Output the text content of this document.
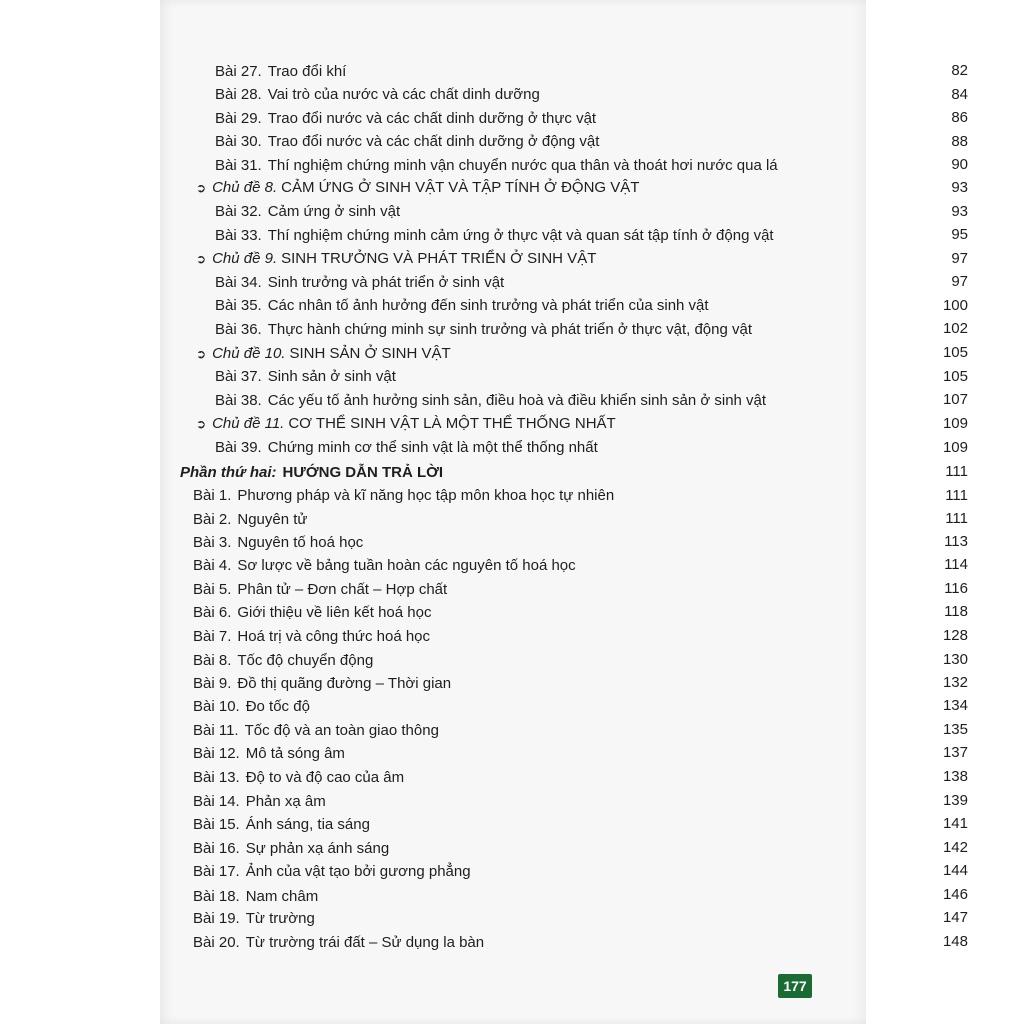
Bài 27. Trao đổi khí	82
Bài 28. Vai trò của nước và các chất dinh dưỡng	84
Bài 29. Trao đổi nước và các chất dinh dưỡng ở thực vật	86
Bài 30. Trao đổi nước và các chất dinh dưỡng ở động vật	88
Bài 31. Thí nghiệm chứng minh vận chuyển nước qua thân và thoát hơi nước qua lá	90
➲ Chủ đề 8. CẢM ỨNG Ở SINH VẬT VÀ TẬP TÍNH Ở ĐỘNG VẬT	93
Bài 32. Cảm ứng ở sinh vật	93
Bài 33. Thí nghiệm chứng minh cảm ứng ở thực vật và quan sát tập tính ở động vật	95
➲ Chủ đề 9. SINH TRƯỞNG VÀ PHÁT TRIỂN Ở SINH VẬT	97
Bài 34. Sinh trưởng và phát triển ở sinh vật	97
Bài 35. Các nhân tố ảnh hưởng đến sinh trưởng và phát triển của sinh vật	100
Bài 36. Thực hành chứng minh sự sinh trưởng và phát triển ở thực vật, động vật	102
➲ Chủ đề 10. SINH SẢN Ở SINH VẬT	105
Bài 37. Sinh sản ở sinh vật	105
Bài 38. Các yếu tố ảnh hưởng sinh sản, điều hoà và điều khiển sinh sản ở sinh vật	107
➲ Chủ đề 11. CƠ THỂ SINH VẬT LÀ MỘT THỂ THỐNG NHẤT	109
Bài 39. Chứng minh cơ thể sinh vật là một thể thống nhất	109
Phần thứ hai: HƯỚNG DẪN TRẢ LỜI	111
Bài 1. Phương pháp và kĩ năng học tập môn khoa học tự nhiên	111
Bài 2. Nguyên tử	111
Bài 3. Nguyên tố hoá học	113
Bài 4. Sơ lược về bảng tuần hoàn các nguyên tố hoá học	114
Bài 5. Phân tử – Đơn chất – Hợp chất	116
Bài 6. Giới thiệu về liên kết hoá học	118
Bài 7. Hoá trị và công thức hoá học	128
Bài 8. Tốc độ chuyển động	130
Bài 9. Đồ thị quãng đường – Thời gian	132
Bài 10. Đo tốc độ	134
Bài 11. Tốc độ và an toàn giao thông	135
Bài 12. Mô tả sóng âm	137
Bài 13. Độ to và độ cao của âm	138
Bài 14. Phản xạ âm	139
Bài 15. Ánh sáng, tia sáng	141
Bài 16. Sự phản xạ ánh sáng	142
Bài 17. Ảnh của vật tạo bởi gương phẳng	144
Bài 18. Nam châm	146
Bài 19. Từ trường	147
Bài 20. Từ trường trái đất – Sử dụng la bàn	148
177
